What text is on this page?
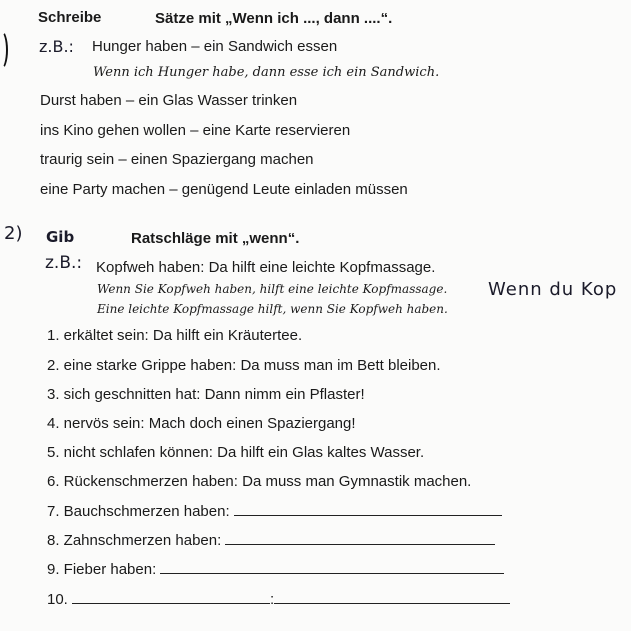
Schreibe	Sätze mit „Wenn ich ..., dann ....“.
z.B.: Hunger haben – ein Sandwich essen
Wenn ich Hunger habe, dann esse ich ein Sandwich.
Durst haben – ein Glas Wasser trinken
ins Kino gehen wollen – eine Karte reservieren
traurig sein – einen Spaziergang machen
eine Party machen – genügend Leute einladen müssen
2) Gib	Ratschläge mit „wenn“.
z.B.: Kopfweh haben: Da hilft eine leichte Kopfmassage.
Wenn Sie Kopfweh haben, hilft eine leichte Kopfmassage. Wenn du Kop
Eine leichte Kopfmassage hilft, wenn Sie Kopfweh haben.
1. erkältet sein: Da hilft ein Kräutertee.
2. eine starke Grippe haben: Da muss man im Bett bleiben.
3. sich geschnitten hat: Dann nimm ein Pflaster!
4. nervös sein: Mach doch einen Spaziergang!
5. nicht schlafen können: Da hilft ein Glas kaltes Wasser.
6. Rückenschmerzen haben: Da muss man Gymnastik machen.
7. Bauchschmerzen haben:
8. Zahnschmerzen haben:
9. Fieber haben:
10.	:
